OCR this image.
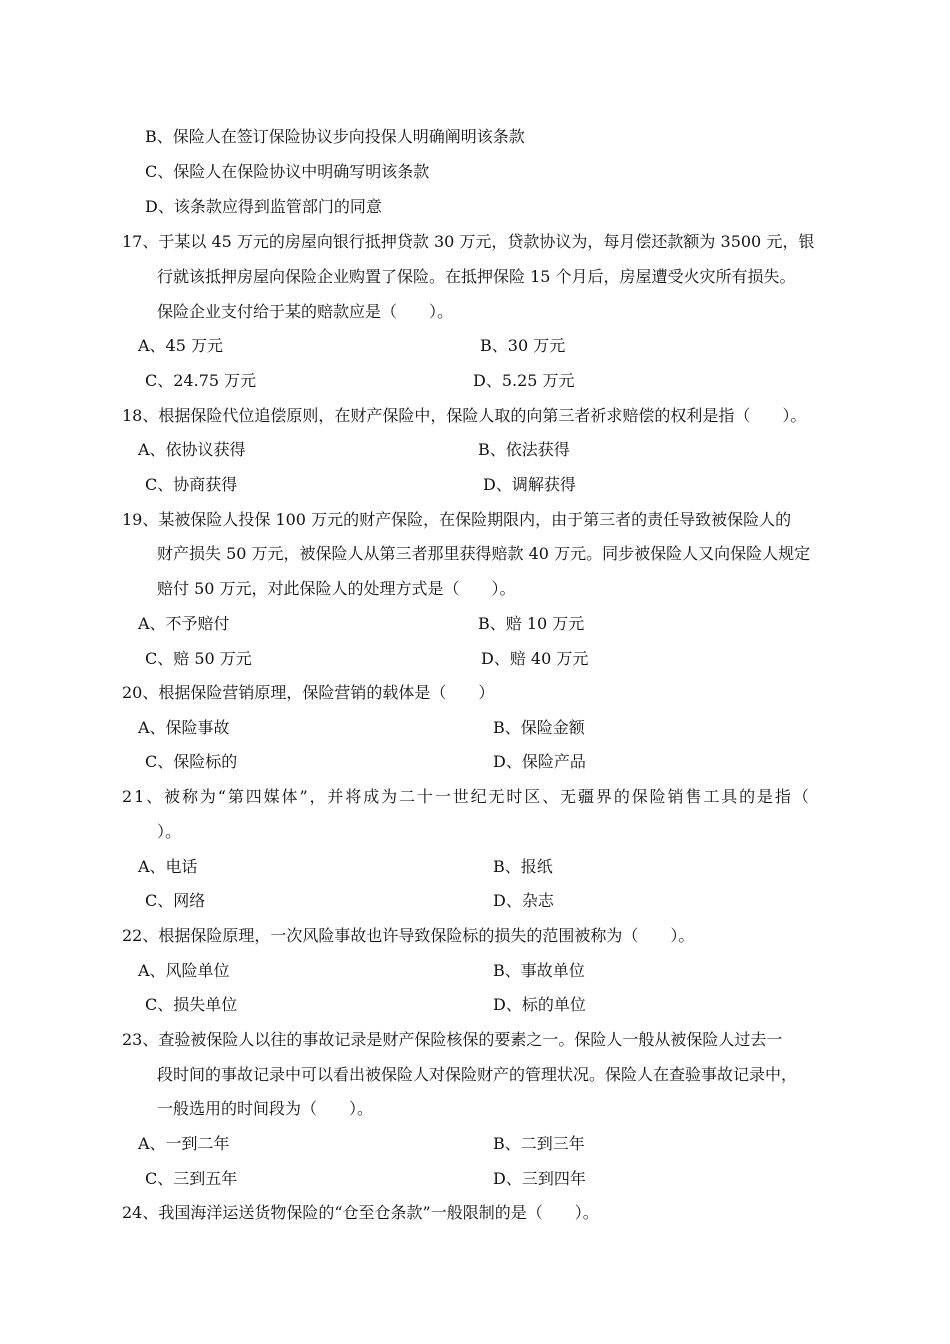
B、保险人在签订保险协议步向投保人明确阐明该条款
C、保险人在保险协议中明确写明该条款
D、该条款应得到监管部门的同意
17、于某以 45 万元的房屋向银行抵押贷款 30 万元，贷款协议为，每月偿还款额为 3500 元，银
行就该抵押房屋向保险企业购置了保险。在抵押保险 15 个月后，房屋遭受火灾所有损失。
保险企业支付给于某的赔款应是（　　）。
A、45 万元	B、30 万元
C、24.75 万元	D、5.25 万元
18、根据保险代位追偿原则，在财产保险中，保险人取的向第三者祈求赔偿的权利是指（　　）。
A、依协议获得	B、依法获得
C、协商获得	D、调解获得
19、某被保险人投保 100 万元的财产保险，在保险期限内，由于第三者的责任导致被保险人的
财产损失 50 万元，被保险人从第三者那里获得赔款 40 万元。同步被保险人又向保险人规定
赔付 50 万元，对此保险人的处理方式是（　　）。
A、不予赔付	B、赔 10 万元
C、赔 50 万元	D、赔 40 万元
20、根据保险营销原理，保险营销的载体是（　　）
A、保险事故	B、保险金额
C、保险标的	D、保险产品
21、被称为“第四媒体”，并将成为二十一世纪无时区、无疆界的保险销售工具的是指（
）。
A、电话	B、报纸
C、网络	D、杂志
22、根据保险原理，一次风险事故也许导致保险标的损失的范围被称为（　　）。
A、风险单位	B、事故单位
C、损失单位	D、标的单位
23、查验被保险人以往的事故记录是财产保险核保的要素之一。保险人一般从被保险人过去一
段时间的事故记录中可以看出被保险人对保险财产的管理状况。保险人在查验事故记录中，
一般选用的时间段为（　　）。
A、一到二年	B、二到三年
C、三到五年	D、三到四年
24、我国海洋运送货物保险的“仓至仓条款”一般限制的是（　　）。
